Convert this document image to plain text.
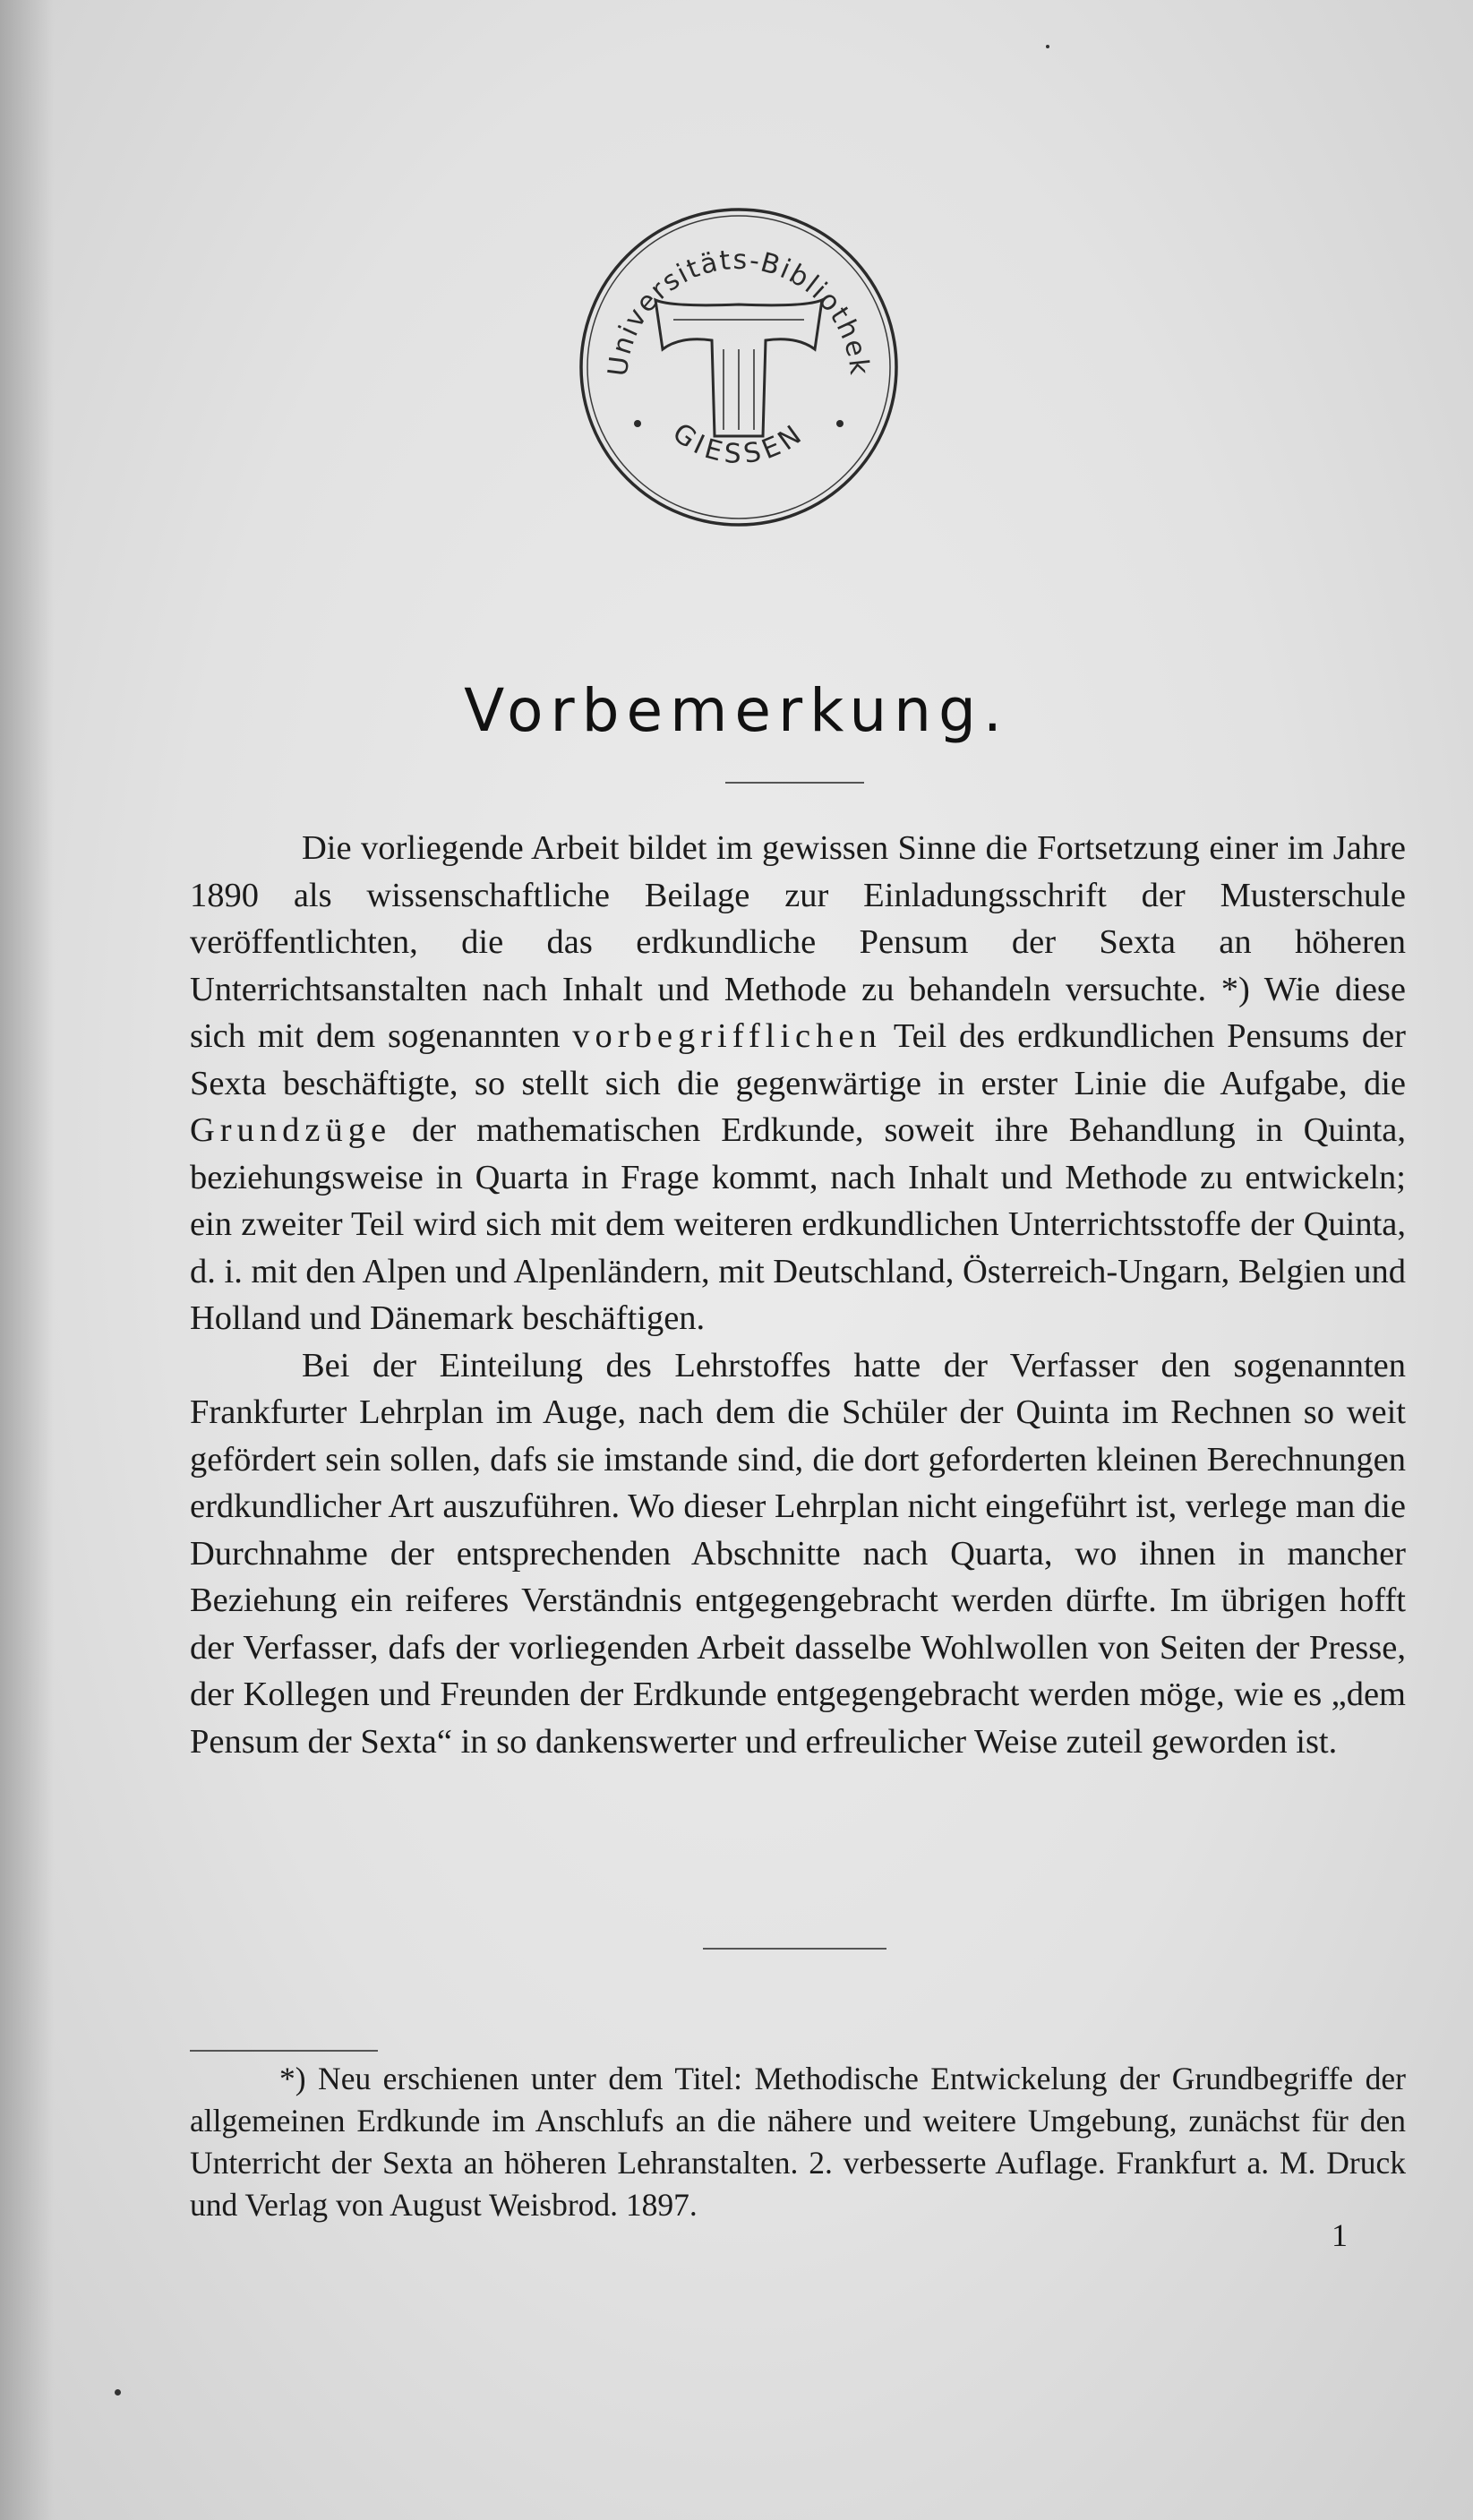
Universitäts-Bibliothek
GIESSEN
Vorbemerkung.

Die vorliegende Arbeit bildet im gewissen Sinne die Fortsetzung einer im Jahre 1890 als wissenschaftliche Beilage zur Einladungsschrift der Musterschule veröffentlichten, die das erdkundliche Pensum der Sexta an höheren Unterrichtsanstalten nach Inhalt und Methode zu behandeln versuchte. *) Wie diese sich mit dem sogenannten vorbegrifflichen Teil des erdkundlichen Pensums der Sexta beschäftigte, so stellt sich die gegenwärtige in erster Linie die Aufgabe, die Grundzüge der mathematischen Erdkunde, soweit ihre Behandlung in Quinta, beziehungsweise in Quarta in Frage kommt, nach Inhalt und Methode zu entwickeln; ein zweiter Teil wird sich mit dem weiteren erdkundlichen Unterrichtsstoffe der Quinta, d. i. mit den Alpen und Alpenländern, mit Deutschland, Österreich-Ungarn, Belgien und Holland und Dänemark beschäftigen.

Bei der Einteilung des Lehrstoffes hatte der Verfasser den sogenannten Frankfurter Lehrplan im Auge, nach dem die Schüler der Quinta im Rechnen so weit gefördert sein sollen, dafs sie imstande sind, die dort geforderten kleinen Berechnungen erdkundlicher Art auszuführen. Wo dieser Lehrplan nicht eingeführt ist, verlege man die Durchnahme der entsprechenden Abschnitte nach Quarta, wo ihnen in mancher Beziehung ein reiferes Verständnis entgegengebracht werden dürfte. Im übrigen hofft der Verfasser, dafs der vorliegenden Arbeit dasselbe Wohlwollen von Seiten der Presse, der Kollegen und Freunden der Erdkunde entgegengebracht werden möge, wie es „dem Pensum der Sexta“ in so dankenswerter und erfreulicher Weise zuteil geworden ist.

*) Neu erschienen unter dem Titel: Methodische Entwickelung der Grundbegriffe der allgemeinen Erdkunde im Anschlufs an die nähere und weitere Umgebung, zunächst für den Unterricht der Sexta an höheren Lehranstalten. 2. verbesserte Auflage. Frankfurt a. M. Druck und Verlag von August Weisbrod. 1897.

1
